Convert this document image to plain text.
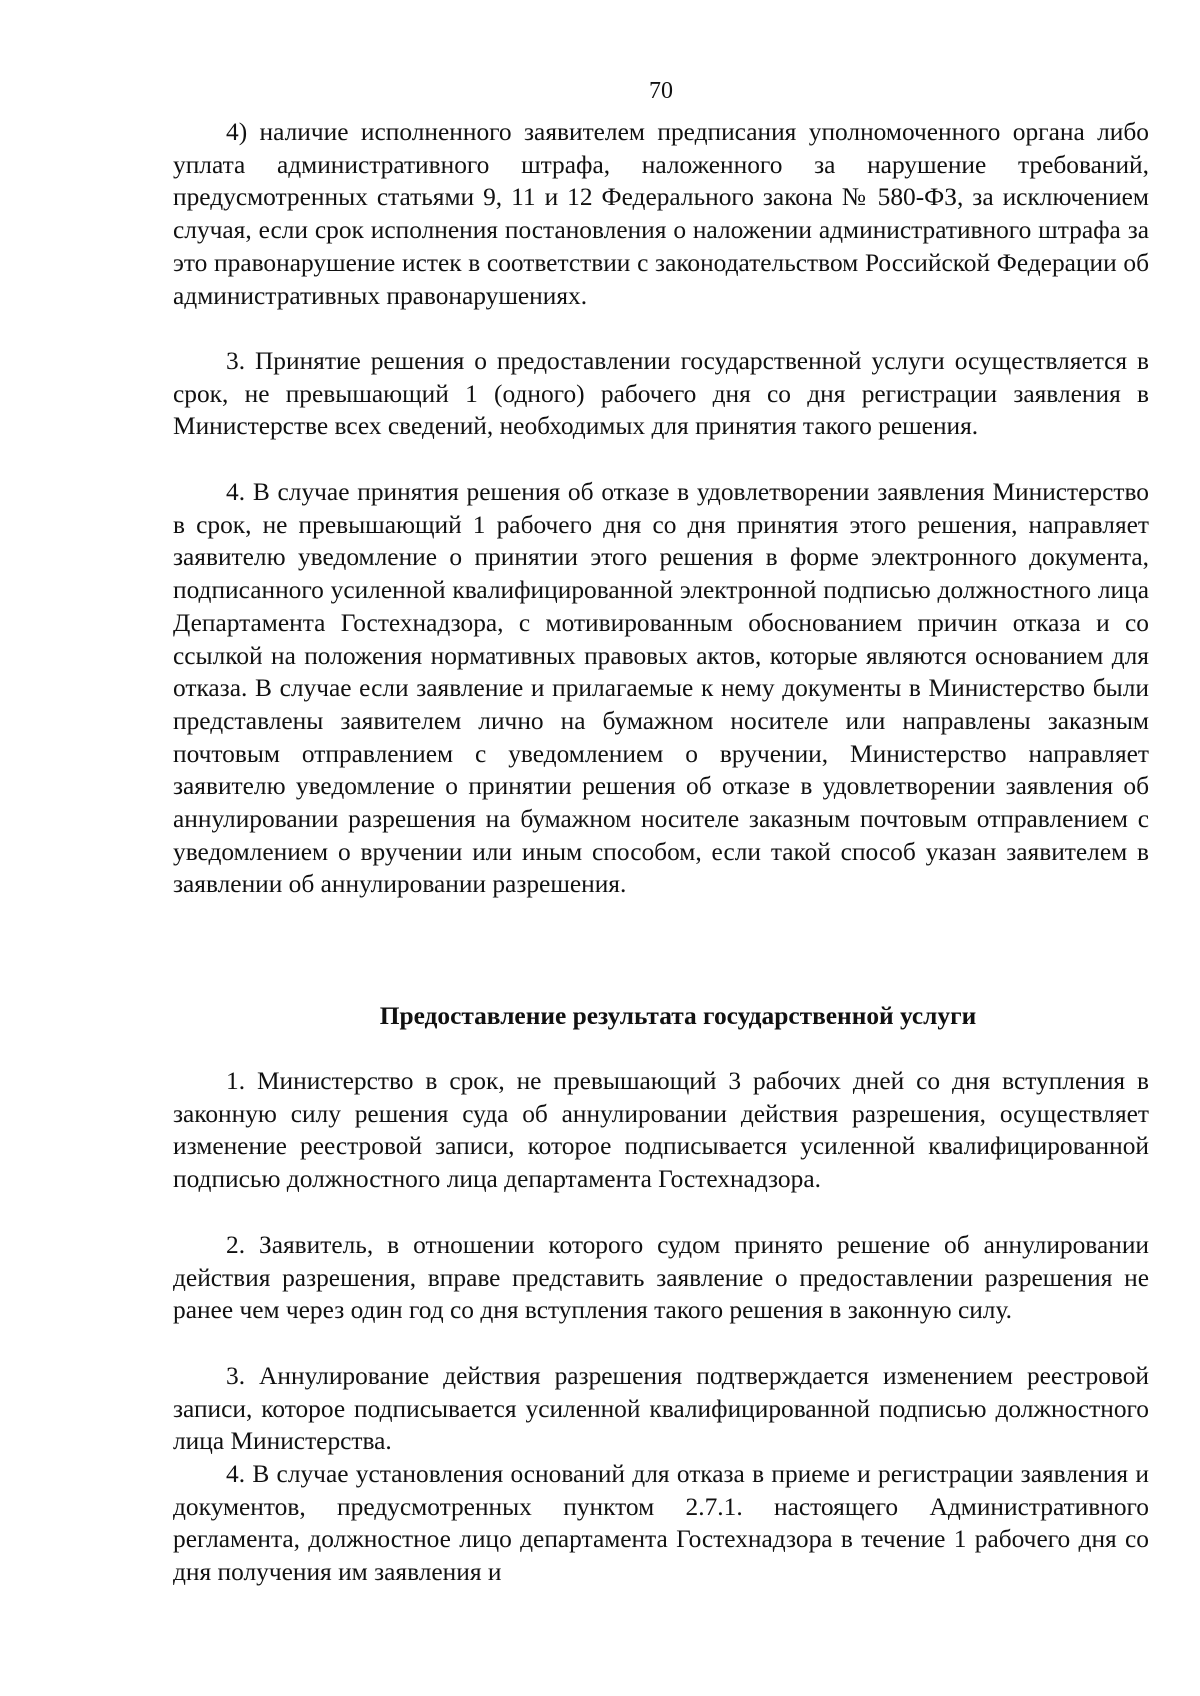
70

4) наличие исполненного заявителем предписания уполномоченного органа либо уплата административного штрафа, наложенного за нарушение требований, предусмотренных статьями 9, 11 и 12 Федерального закона № 580-ФЗ, за исключением случая, если срок исполнения постановления о наложении административного штрафа за это правонарушение истек в соответствии с законодательством Российской Федерации об административных правонарушениях.

3. Принятие решения о предоставлении государственной услуги осуществляется в срок, не превышающий 1 (одного) рабочего дня со дня регистрации заявления в Министерстве всех сведений, необходимых для принятия такого решения.

4. В случае принятия решения об отказе в удовлетворении заявления Министерство в срок, не превышающий 1 рабочего дня со дня принятия этого решения, направляет заявителю уведомление о принятии этого решения в форме электронного документа, подписанного усиленной квалифицированной электронной подписью должностного лица Департамента Гостехнадзора, с мотивированным обоснованием причин отказа и со ссылкой на положения нормативных правовых актов, которые являются основанием для отказа. В случае если заявление и прилагаемые к нему документы в Министерство были представлены заявителем лично на бумажном носителе или направлены заказным почтовым отправлением с уведомлением о вручении, Министерство направляет заявителю уведомление о принятии решения об отказе в удовлетворении заявления об аннулировании разрешения на бумажном носителе заказным почтовым отправлением с уведомлением о вручении или иным способом, если такой способ указан заявителем в заявлении об аннулировании разрешения.

Предоставление результата государственной услуги

1. Министерство в срок, не превышающий 3 рабочих дней со дня вступления в законную силу решения суда об аннулировании действия разрешения, осуществляет изменение реестровой записи, которое подписывается усиленной квалифицированной подписью должностного лица департамента Гостехнадзора.

2. Заявитель, в отношении которого судом принято решение об аннулировании действия разрешения, вправе представить заявление о предоставлении разрешения не ранее чем через один год со дня вступления такого решения в законную силу.

3. Аннулирование действия разрешения подтверждается изменением реестровой записи, которое подписывается усиленной квалифицированной подписью должностного лица Министерства.

4. В случае установления оснований для отказа в приеме и регистрации заявления и документов, предусмотренных пунктом 2.7.1. настоящего Административного регламента, должностное лицо департамента Гостехнадзора в течение 1 рабочего дня со дня получения им заявления и
